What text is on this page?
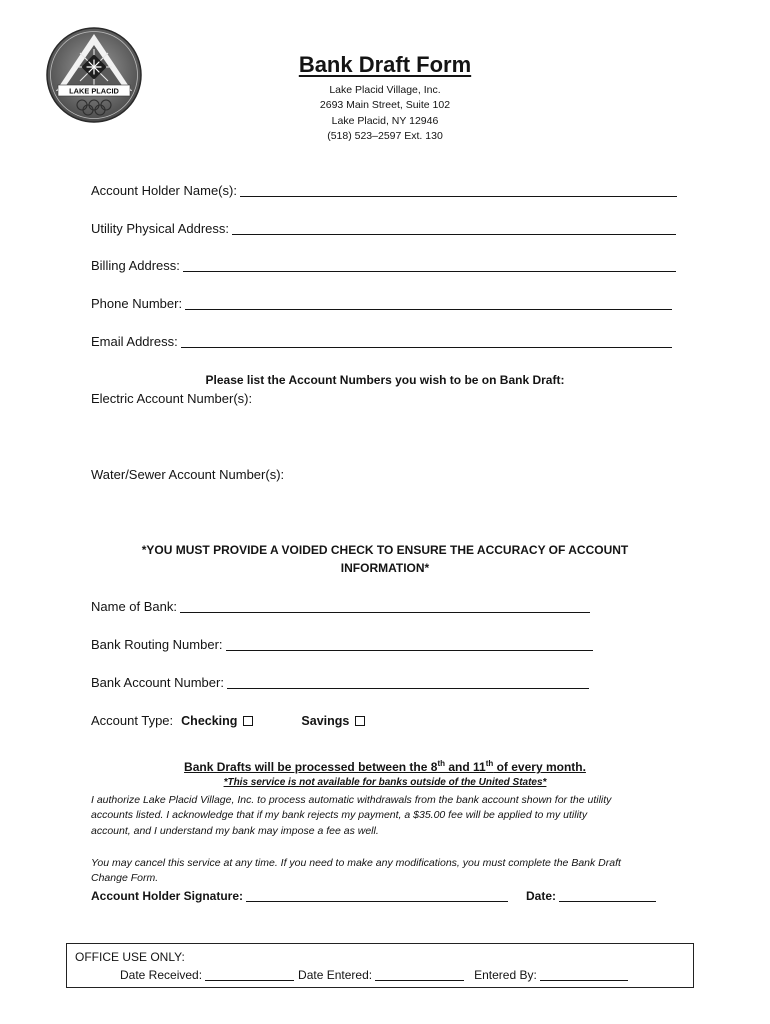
LAKE PLACID
Bank Draft Form
Lake Placid Village, Inc.
2693 Main Street, Suite 102
Lake Placid, NY 12946
(518) 523–2597 Ext. 130
Account Holder Name(s):
Utility Physical Address:
Billing Address:
Phone Number:
Email Address:
Please list the Account Numbers you wish to be on Bank Draft:
Electric Account Number(s):
Water/Sewer Account Number(s):
*YOU MUST PROVIDE A VOIDED CHECK TO ENSURE THE ACCURACY OF ACCOUNT
INFORMATION*
Name of Bank:
Bank Routing Number:
Bank Account Number:
Account Type: Checking	Savings
Bank Drafts will be processed between the 8th and 11th of every month.
*This service is not available for banks outside of the United States*
I authorize Lake Placid Village, Inc. to process automatic withdrawals from the bank account shown for the utility
accounts listed. I acknowledge that if my bank rejects my payment, a $35.00 fee will be applied to my utility
account, and I understand my bank may impose a fee as well.
You may cancel this service at any time. If you need to make any modifications, you must complete the Bank Draft
Change Form.
Account Holder Signature:	Date:
OFFICE USE ONLY:
Date Received:	Date Entered:	Entered By:
